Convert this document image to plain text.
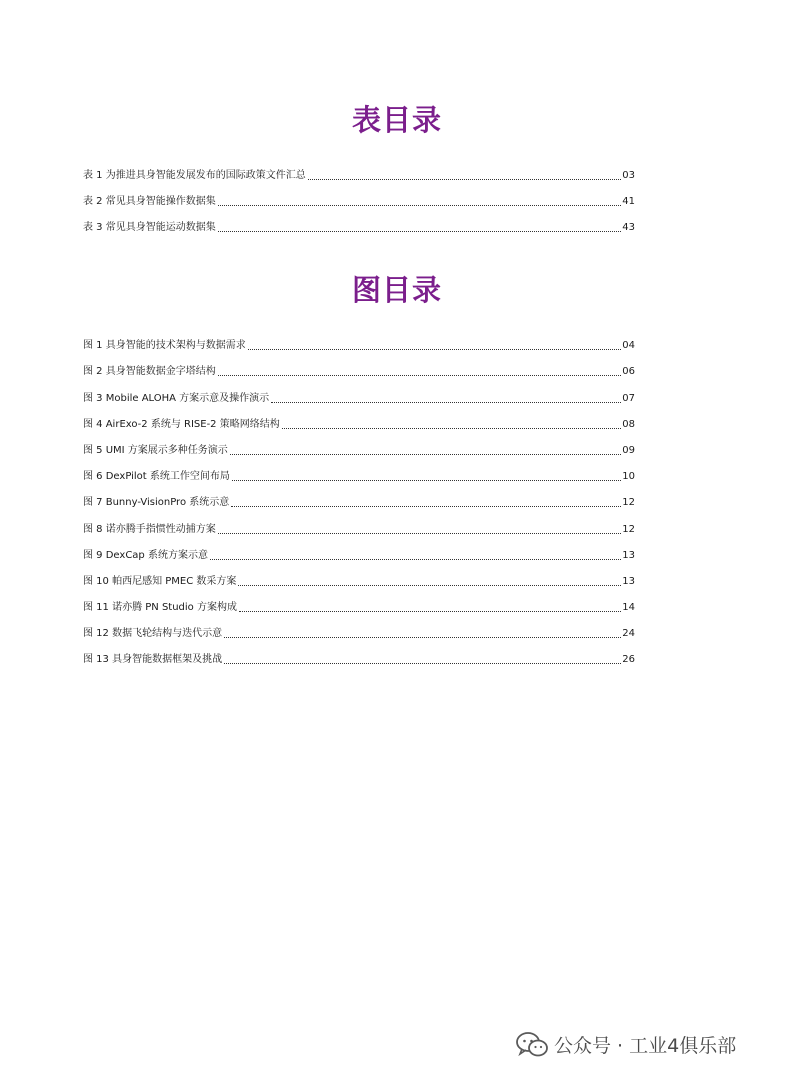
表目录
表 1 为推进具身智能发展发布的国际政策文件汇总	03
表 2 常见具身智能操作数据集	41
表 3 常见具身智能运动数据集	43
图目录
图 1 具身智能的技术架构与数据需求	04
图 2 具身智能数据金字塔结构	06
图 3 Mobile ALOHA 方案示意及操作演示	07
图 4 AirExo-2 系统与 RISE-2 策略网络结构	08
图 5 UMI 方案展示多种任务演示	09
图 6 DexPilot 系统工作空间布局	10
图 7 Bunny-VisionPro 系统示意	12
图 8 诺亦腾手指惯性动捕方案	12
图 9 DexCap 系统方案示意	13
图 10 帕西尼感知 PMEC 数采方案	13
图 11 诺亦腾 PN Studio 方案构成	14
图 12 数据飞轮结构与迭代示意	24
图 13 具身智能数据框架及挑战	26
公众号 · 工业4俱乐部
